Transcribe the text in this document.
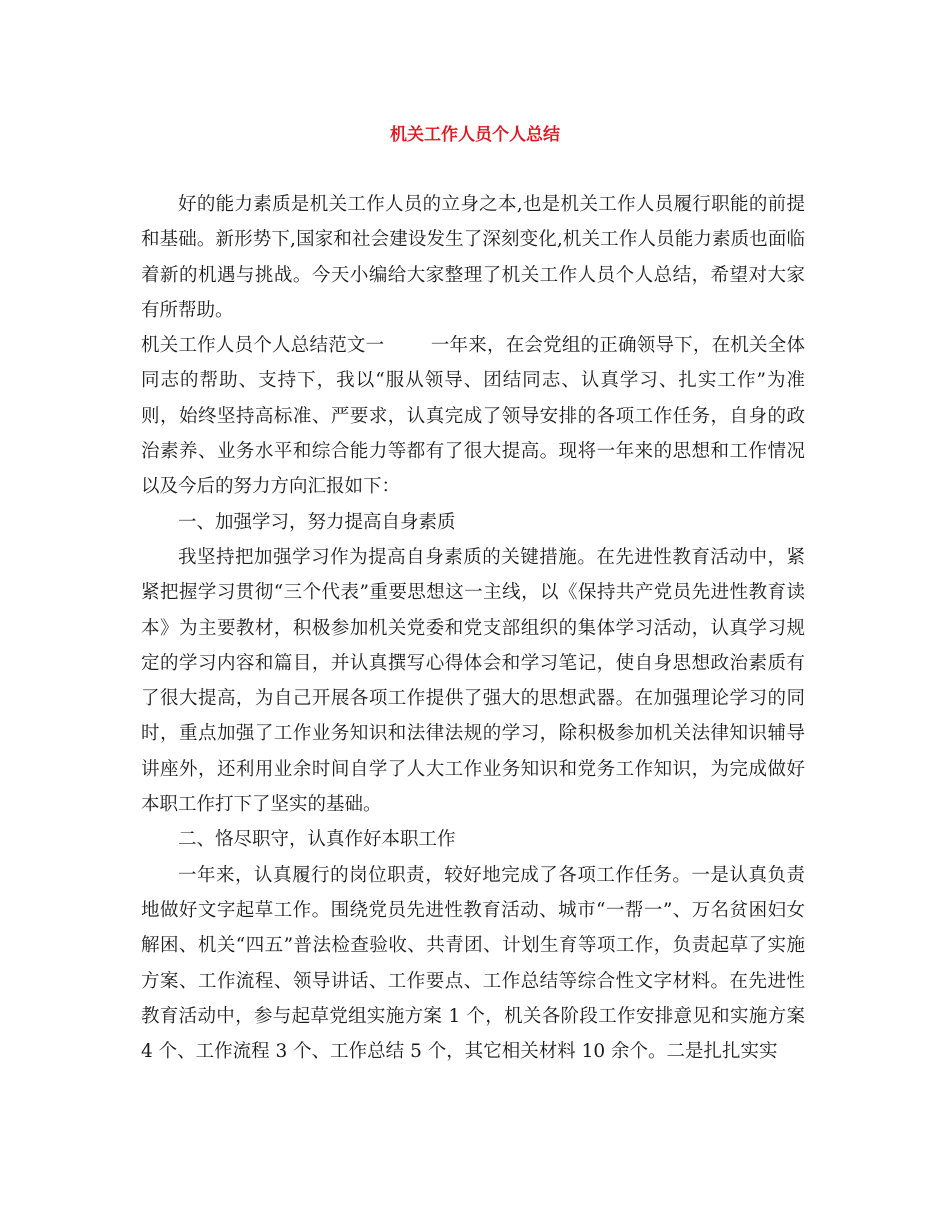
机关工作人员个人总结

好的能力素质是机关工作人员的立身之本,也是机关工作人员履行职能的前提和基础。新形势下,国家和社会建设发生了深刻变化,机关工作人员能力素质也面临着新的机遇与挑战。今天小编给大家整理了机关工作人员个人总结，希望对大家有所帮助。

机关工作人员个人总结范文一	一年来，在会党组的正确领导下，在机关全体同志的帮助、支持下，我以“服从领导、团结同志、认真学习、扎实工作”为准则，始终坚持高标准、严要求，认真完成了领导安排的各项工作任务，自身的政治素养、业务水平和综合能力等都有了很大提高。现将一年来的思想和工作情况以及今后的努力方向汇报如下：

一、加强学习，努力提高自身素质

我坚持把加强学习作为提高自身素质的关键措施。在先进性教育活动中，紧紧把握学习贯彻“三个代表”重要思想这一主线，以《保持共产党员先进性教育读本》为主要教材，积极参加机关党委和党支部组织的集体学习活动，认真学习规定的学习内容和篇目，并认真撰写心得体会和学习笔记，使自身思想政治素质有了很大提高，为自己开展各项工作提供了强大的思想武器。在加强理论学习的同时，重点加强了工作业务知识和法律法规的学习，除积极参加机关法律知识辅导讲座外，还利用业余时间自学了人大工作业务知识和党务工作知识，为完成做好本职工作打下了坚实的基础。

二、恪尽职守，认真作好本职工作

一年来，认真履行的岗位职责，较好地完成了各项工作任务。一是认真负责地做好文字起草工作。围绕党员先进性教育活动、城市“一帮一”、万名贫困妇女解困、机关“四五”普法检查验收、共青团、计划生育等项工作，负责起草了实施方案、工作流程、领导讲话、工作要点、工作总结等综合性文字材料。在先进性教育活动中，参与起草党组实施方案 1 个，机关各阶段工作安排意见和实施方案 4 个、工作流程 3 个、工作总结 5 个，其它相关材料 10 余个。二是扎扎实实
